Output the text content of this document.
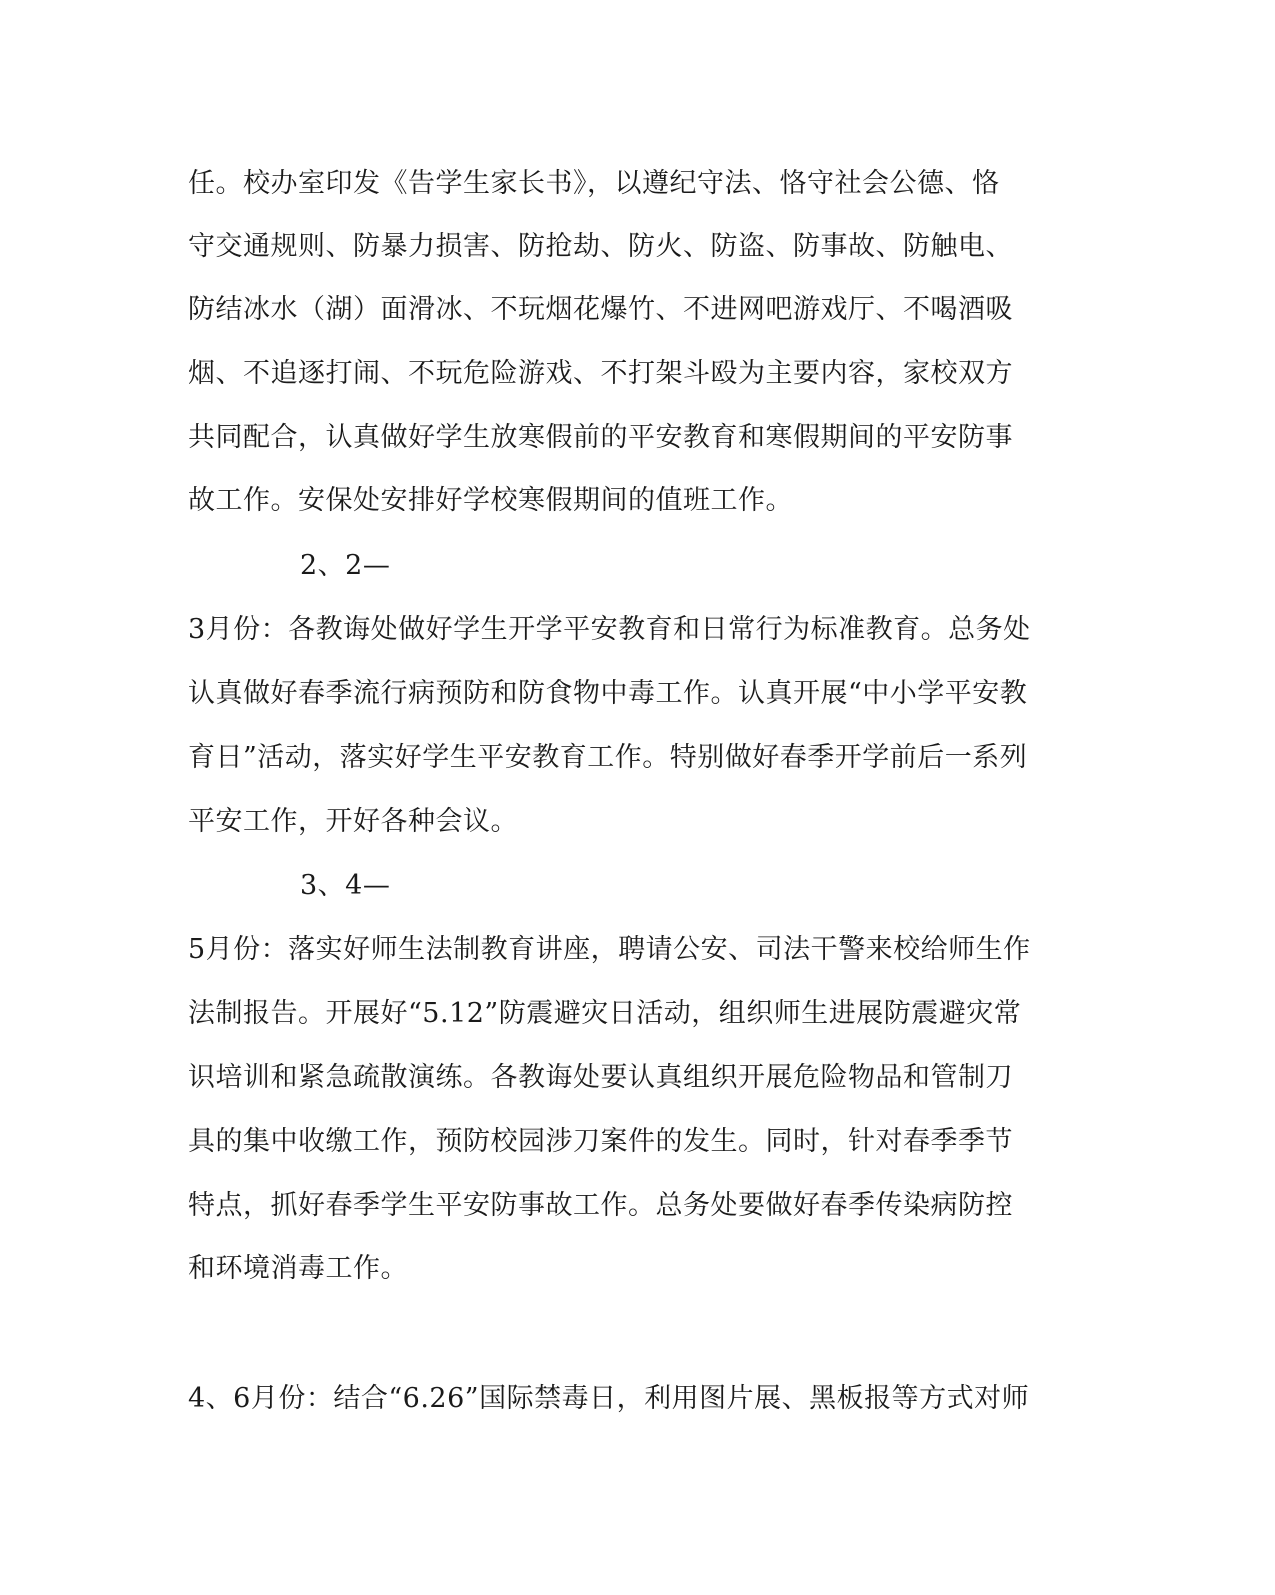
任。校办室印发《告学生家长书》，以遵纪守法、恪守社会公德、恪
守交通规则、防暴力损害、防抢劫、防火、防盗、防事故、防触电、
防结冰水（湖）面滑冰、不玩烟花爆竹、不进网吧游戏厅、不喝酒吸
烟、不追逐打闹、不玩危险游戏、不打架斗殴为主要内容，家校双方
共同配合，认真做好学生放寒假前的平安教育和寒假期间的平安防事
故工作。安保处安排好学校寒假期间的值班工作。
2、2—
3月份：各教诲处做好学生开学平安教育和日常行为标准教育。总务处
认真做好春季流行病预防和防食物中毒工作。认真开展“中小学平安教
育日”活动，落实好学生平安教育工作。特别做好春季开学前后一系列
平安工作，开好各种会议。
3、4—
5月份：落实好师生法制教育讲座，聘请公安、司法干警来校给师生作
法制报告。开展好“5.12”防震避灾日活动，组织师生进展防震避灾常
识培训和紧急疏散演练。各教诲处要认真组织开展危险物品和管制刀
具的集中收缴工作，预防校园涉刀案件的发生。同时，针对春季季节
特点，抓好春季学生平安防事故工作。总务处要做好春季传染病防控
和环境消毒工作。
4、6月份：结合“6.26”国际禁毒日，利用图片展、黑板报等方式对师
